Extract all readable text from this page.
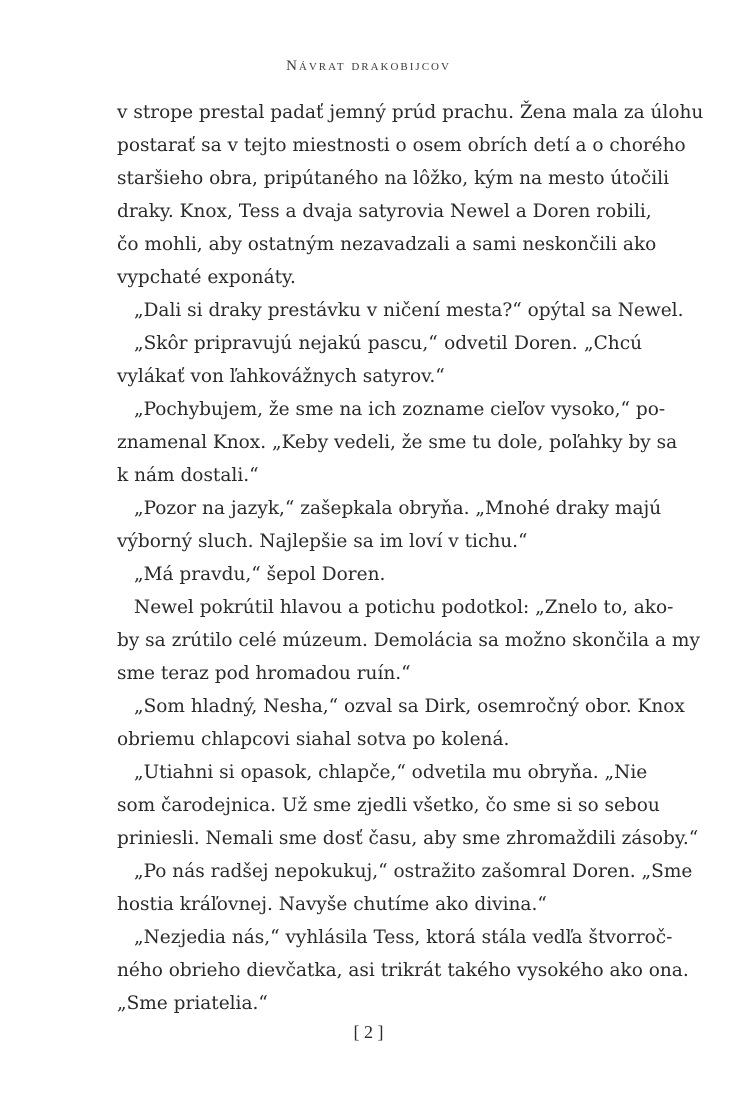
Návrat drakobijcov
v strope prestal padať jemný prúd prachu. Žena mala za úlohu
postarať sa v tejto miestnosti o osem obrích detí a o chorého
staršieho obra, pripútaného na lôžko, kým na mesto útočili
draky. Knox, Tess a dvaja satyrovia Newel a Doren robili,
čo mohli, aby ostatným nezavadzali a sami neskončili ako
vypchaté exponáty.
„Dali si draky prestávku v ničení mesta?“ opýtal sa Newel.
„Skôr pripravujú nejakú pascu,“ odvetil Doren. „Chcú
vylákať von ľahkovážnych satyrov.“
„Pochybujem, že sme na ich zozname cieľov vysoko,“ po-
znamenal Knox. „Keby vedeli, že sme tu dole, poľahky by sa
k nám dostali.“
„Pozor na jazyk,“ zašepkala obryňa. „Mnohé draky majú
výborný sluch. Najlepšie sa im loví v tichu.“
„Má pravdu,“ šepol Doren.
Newel pokrútil hlavou a potichu podotkol: „Znelo to, ako-
by sa zrútilo celé múzeum. Demolácia sa možno skončila a my
sme teraz pod hromadou ruín.“
„Som hladný, Nesha,“ ozval sa Dirk, osemročný obor. Knox
obriemu chlapcovi siahal sotva po kolená.
„Utiahni si opasok, chlapče,“ odvetila mu obryňa. „Nie
som čarodejnica. Už sme zjedli všetko, čo sme si so sebou
priniesli. Nemali sme dosť času, aby sme zhromaždili zásoby.“
„Po nás radšej nepokukuj,“ ostražito zašomral Doren. „Sme
hostia kráľovnej. Navyše chutíme ako divina.“
„Nezjedia nás,“ vyhlásila Tess, ktorá stála vedľa štvorroč-
ného obrieho dievčatka, asi trikrát takého vysokého ako ona.
„Sme priatelia.“
[ 2 ]
